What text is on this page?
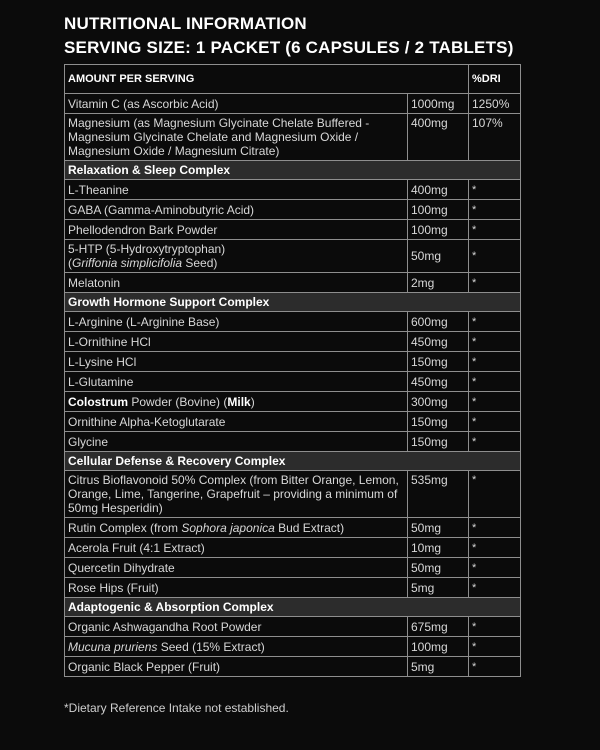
NUTRITIONAL INFORMATION
SERVING SIZE: 1 PACKET (6 CAPSULES / 2 TABLETS)
AMOUNT PER SERVING		%DRI
Vitamin C (as Ascorbic Acid)	1000mg	1250%
Magnesium (as Magnesium Glycinate Chelate Buffered - Magnesium Glycinate Chelate and Magnesium Oxide / Magnesium Oxide / Magnesium Citrate)	400mg	107%
Relaxation & Sleep Complex		
L-Theanine	400mg	*
GABA (Gamma-Aminobutyric Acid)	100mg	*
Phellodendron Bark Powder	100mg	*
5-HTP (5-Hydroxytryptophan)
(Griffonia simplicifolia Seed)	50mg	*
Melatonin	2mg	*
Growth Hormone Support Complex		
L-Arginine (L-Arginine Base)	600mg	*
L-Ornithine HCl	450mg	*
L-Lysine HCl	150mg	*
L-Glutamine	450mg	*
Colostrum Powder (Bovine) (Milk)	300mg	*
Ornithine Alpha-Ketoglutarate	150mg	*
Glycine	150mg	*
Cellular Defense & Recovery Complex		
Citrus Bioflavonoid 50% Complex (from Bitter Orange, Lemon, Orange, Lime, Tangerine, Grapefruit – providing a minimum of 50mg Hesperidin)	535mg	*
Rutin Complex (from Sophora japonica Bud Extract)	50mg	*
Acerola Fruit (4:1 Extract)	10mg	*
Quercetin Dihydrate	50mg	*
Rose Hips (Fruit)	5mg	*
Adaptogenic & Absorption Complex		
Organic Ashwagandha Root Powder	675mg	*
Mucuna pruriens Seed (15% Extract)	100mg	*
Organic Black Pepper (Fruit)	5mg	*
*Dietary Reference Intake not established.
